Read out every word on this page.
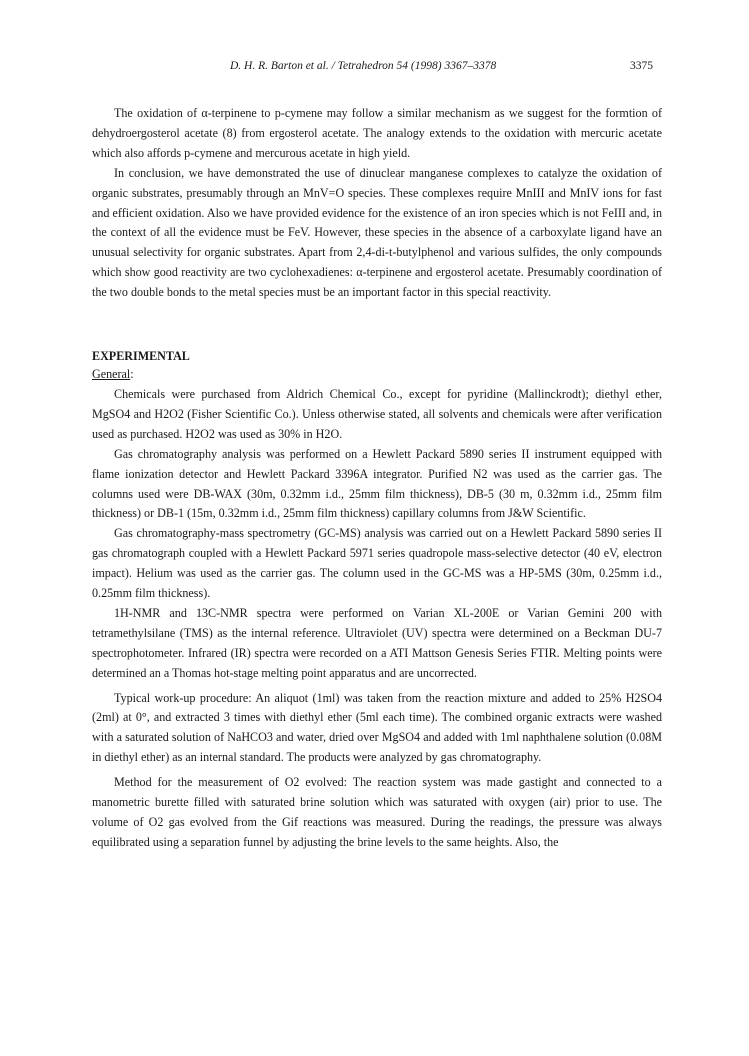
D. H. R. Barton et al. / Tetrahedron 54 (1998) 3367–3378	3375

The oxidation of α-terpinene to p-cymene may follow a similar mechanism as we suggest for the formtion of dehydroergosterol acetate (8) from ergosterol acetate. The analogy extends to the oxidation with mercuric acetate which also affords p-cymene and mercurous acetate in high yield.

In conclusion, we have demonstrated the use of dinuclear manganese complexes to catalyze the oxidation of organic substrates, presumably through an MnV=O species. These complexes require MnIII and MnIV ions for fast and efficient oxidation. Also we have provided evidence for the existence of an iron species which is not FeIII and, in the context of all the evidence must be FeV. However, these species in the absence of a carboxylate ligand have an unusual selectivity for organic substrates. Apart from 2,4-di-t-butylphenol and various sulfides, the only compounds which show good reactivity are two cyclohexadienes: α-terpinene and ergosterol acetate. Presumably coordination of the two double bonds to the metal species must be an important factor in this special reactivity.

EXPERIMENTAL
General:

Chemicals were purchased from Aldrich Chemical Co., except for pyridine (Mallinckrodt); diethyl ether, MgSO4 and H2O2 (Fisher Scientific Co.). Unless otherwise stated, all solvents and chemicals were after verification used as purchased. H2O2 was used as 30% in H2O.

Gas chromatography analysis was performed on a Hewlett Packard 5890 series II instrument equipped with flame ionization detector and Hewlett Packard 3396A integrator. Purified N2 was used as the carrier gas. The columns used were DB-WAX (30m, 0.32mm i.d., 25mm film thickness), DB-5 (30 m, 0.32mm i.d., 25mm film thickness) or DB-1 (15m, 0.32mm i.d., 25mm film thickness) capillary columns from J&W Scientific.

Gas chromatography-mass spectrometry (GC-MS) analysis was carried out on a Hewlett Packard 5890 series II gas chromatograph coupled with a Hewlett Packard 5971 series quadropole mass-selective detector (40 eV, electron impact). Helium was used as the carrier gas. The column used in the GC-MS was a HP-5MS (30m, 0.25mm i.d., 0.25mm film thickness).

1H-NMR and 13C-NMR spectra were performed on Varian XL-200E or Varian Gemini 200 with tetramethylsilane (TMS) as the internal reference. Ultraviolet (UV) spectra were determined on a Beckman DU-7 spectrophotometer. Infrared (IR) spectra were recorded on a ATI Mattson Genesis Series FTIR. Melting points were determined an a Thomas hot-stage melting point apparatus and are uncorrected.

Typical work-up procedure: An aliquot (1ml) was taken from the reaction mixture and added to 25% H2SO4 (2ml) at 0°, and extracted 3 times with diethyl ether (5ml each time). The combined organic extracts were washed with a saturated solution of NaHCO3 and water, dried over MgSO4 and added with 1ml naphthalene solution (0.08M in diethyl ether) as an internal standard. The products were analyzed by gas chromatography.

Method for the measurement of O2 evolved: The reaction system was made gastight and connected to a manometric burette filled with saturated brine solution which was saturated with oxygen (air) prior to use. The volume of O2 gas evolved from the Gif reactions was measured. During the readings, the pressure was always equilibrated using a separation funnel by adjusting the brine levels to the same heights. Also, the
